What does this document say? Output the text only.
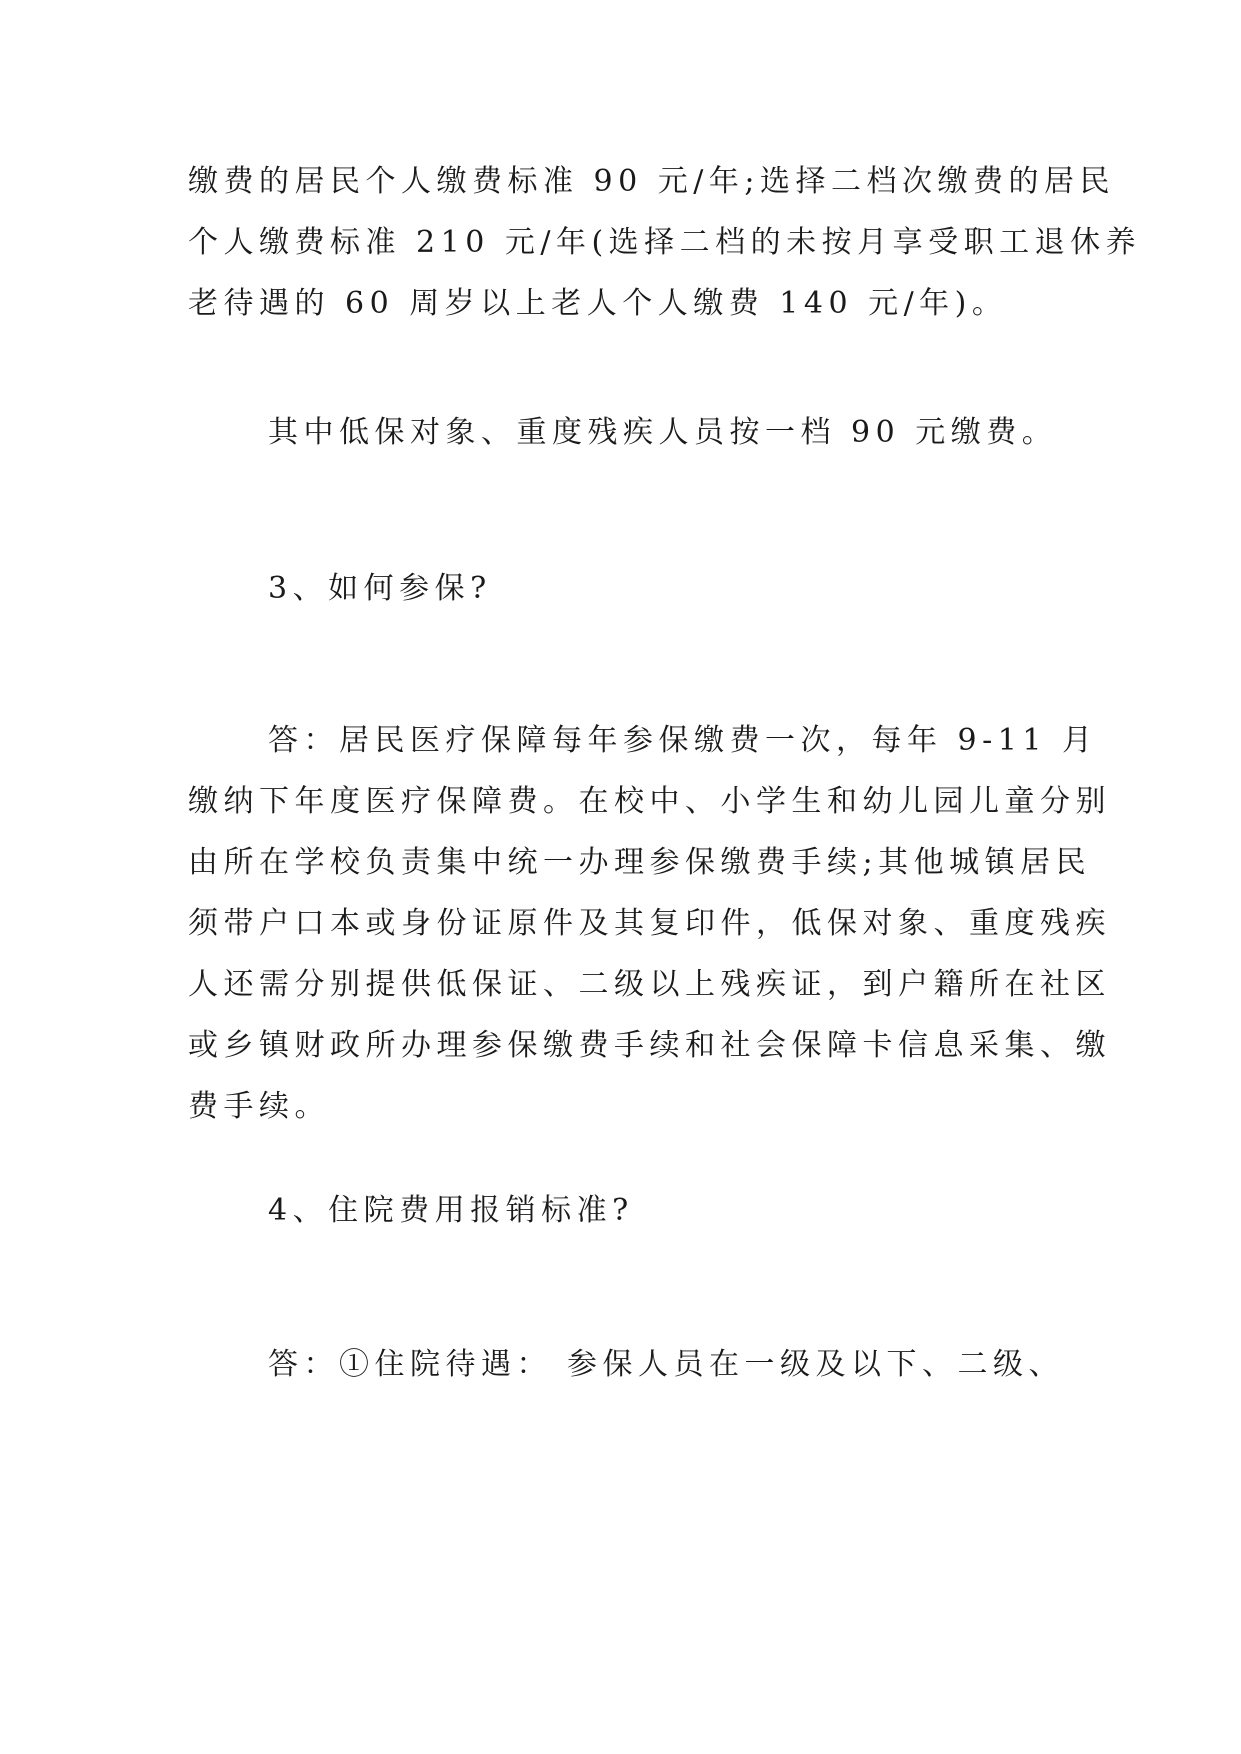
缴费的居民个人缴费标准 90 元/年;选择二档次缴费的居民
个人缴费标准 210 元/年(选择二档的未按月享受职工退休养
老待遇的 60 周岁以上老人个人缴费 140 元/年)。
其中低保对象、重度残疾人员按一档 90 元缴费。
3、如何参保?
答：居民医疗保障每年参保缴费一次，每年 9-11 月
缴纳下年度医疗保障费。在校中、小学生和幼儿园儿童分别
由所在学校负责集中统一办理参保缴费手续;其他城镇居民
须带户口本或身份证原件及其复印件，低保对象、重度残疾
人还需分别提供低保证、二级以上残疾证，到户籍所在社区
或乡镇财政所办理参保缴费手续和社会保障卡信息采集、缴
费手续。
4、住院费用报销标准?
答：①住院待遇： 参保人员在一级及以下、二级、
